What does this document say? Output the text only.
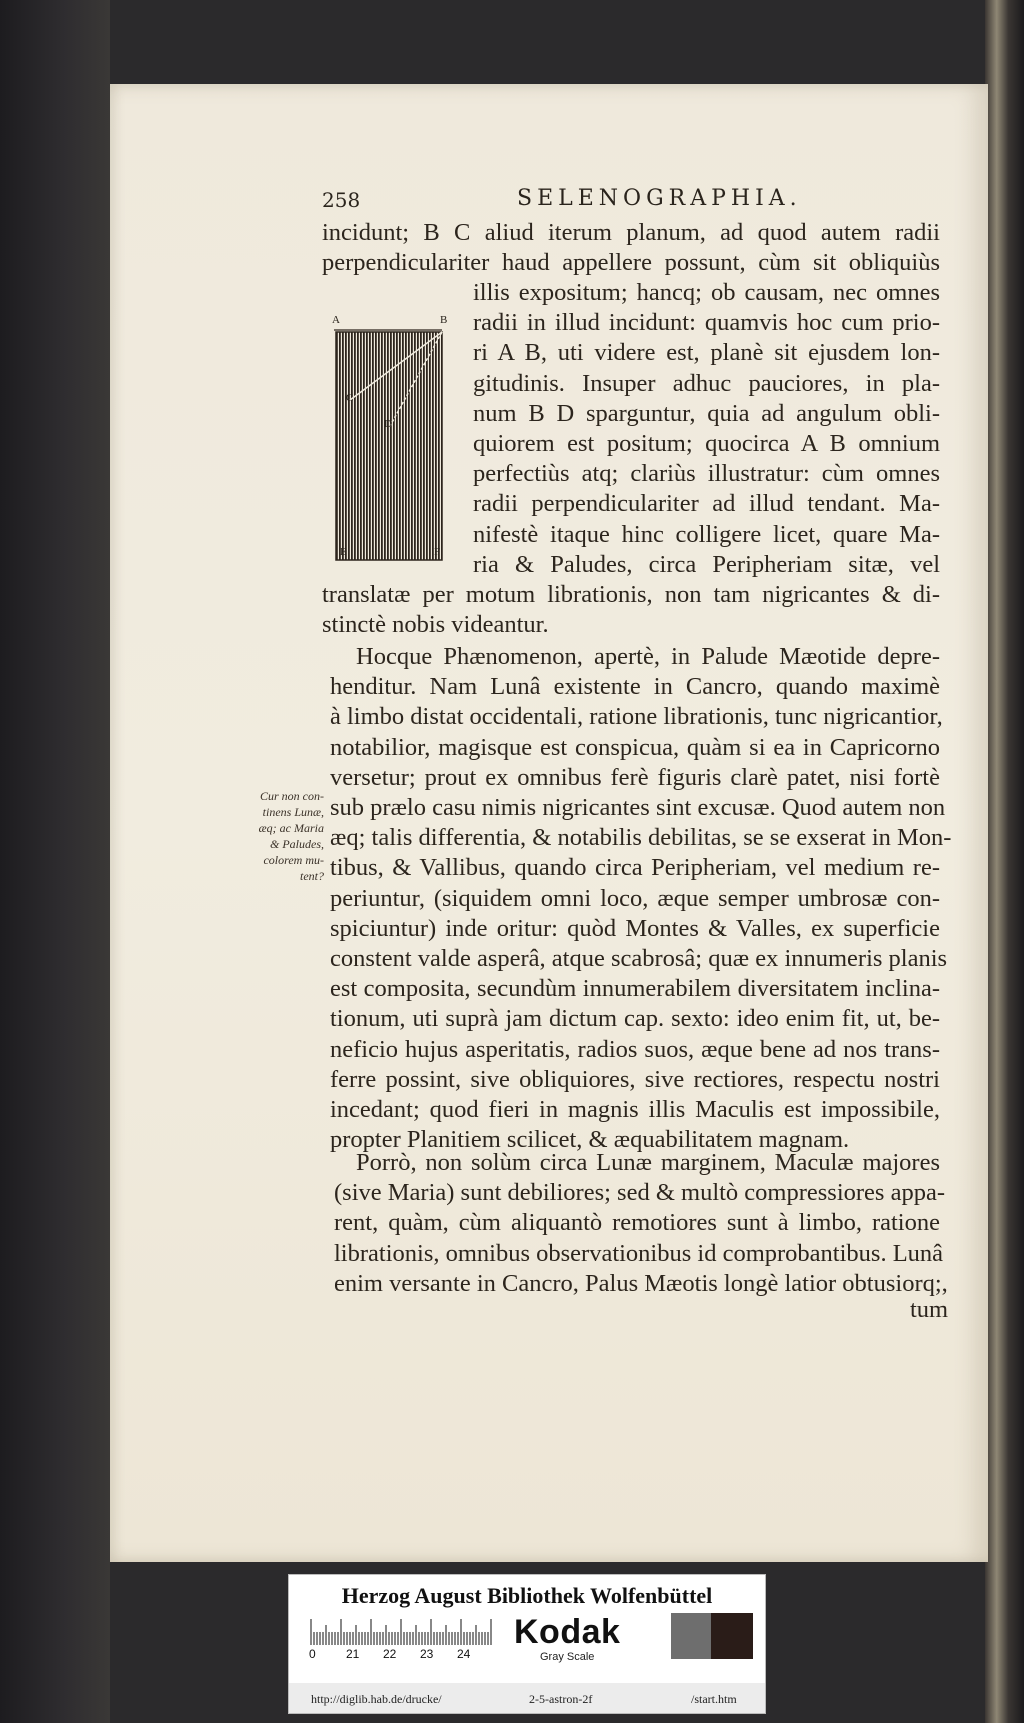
258	SELENOGRAPHIA.
incidunt; B C aliud iterum planum, ad quod autem radii
perpendiculariter haud appellere possunt, cùm sit obliquiùs
A	B
C
D
E	F
illis expositum; hancq; ob causam, nec omnes
radii in illud incidunt: quamvis hoc cum prio-
ri A B, uti videre est, planè sit ejusdem lon-
gitudinis. Insuper adhuc pauciores, in pla-
num B D sparguntur, quia ad angulum obli-
quiorem est positum; quocirca A B omnium
perfectiùs atq; clariùs illustratur: cùm omnes
radii perpendiculariter ad illud tendant. Ma-
nifestè itaque hinc colligere licet, quare Ma-
ria & Paludes, circa Peripheriam sitæ, vel
translatæ per motum librationis, non tam nigricantes & di-
stinctè nobis videantur.
Hocque Phænomenon, apertè, in Palude Mæotide depre-
henditur. Nam Lunâ existente in Cancro, quando maximè
à limbo distat occidentali, ratione librationis, tunc nigricantior,
notabilior, magisque est conspicua, quàm si ea in Capricorno
versetur; prout ex omnibus ferè figuris clarè patet, nisi fortè
sub prælo casu nimis nigricantes sint excusæ. Quod autem non
æq; talis differentia, & notabilis debilitas, se se exserat in Mon-
tibus, & Vallibus, quando circa Peripheriam, vel medium re-
periuntur, (siquidem omni loco, æque semper umbrosæ con-
spiciuntur) inde oritur: quòd Montes & Valles, ex superficie
constent valde asperâ, atque scabrosâ; quæ ex innumeris planis
est composita, secundùm innumerabilem diversitatem inclina-
tionum, uti suprà jam dictum cap. sexto: ideo enim fit, ut, be-
neficio hujus asperitatis, radios suos, æque bene ad nos trans-
ferre possint, sive obliquiores, sive rectiores, respectu nostri
incedant; quod fieri in magnis illis Maculis est impossibile,
propter Planitiem scilicet, & æquabilitatem magnam.
Porrò, non solùm circa Lunæ marginem, Maculæ majores
(sive Maria) sunt debiliores; sed & multò compressiores appa-
rent, quàm, cùm aliquantò remotiores sunt à limbo, ratione
librationis, omnibus observationibus id comprobantibus. Lunâ
enim versante in Cancro, Palus Mæotis longè latior obtusiorq;,
tum
Cur non con-
tinens Lunæ,
æq; ac Maria
& Paludes,
colorem mu-
tent?
Herzog August Bibliothek Wolfenbüttel
0	21 22 23 24
Kodak
Gray Scale
http://diglib.hab.de/drucke/	2-5-astron-2f	/start.htm
